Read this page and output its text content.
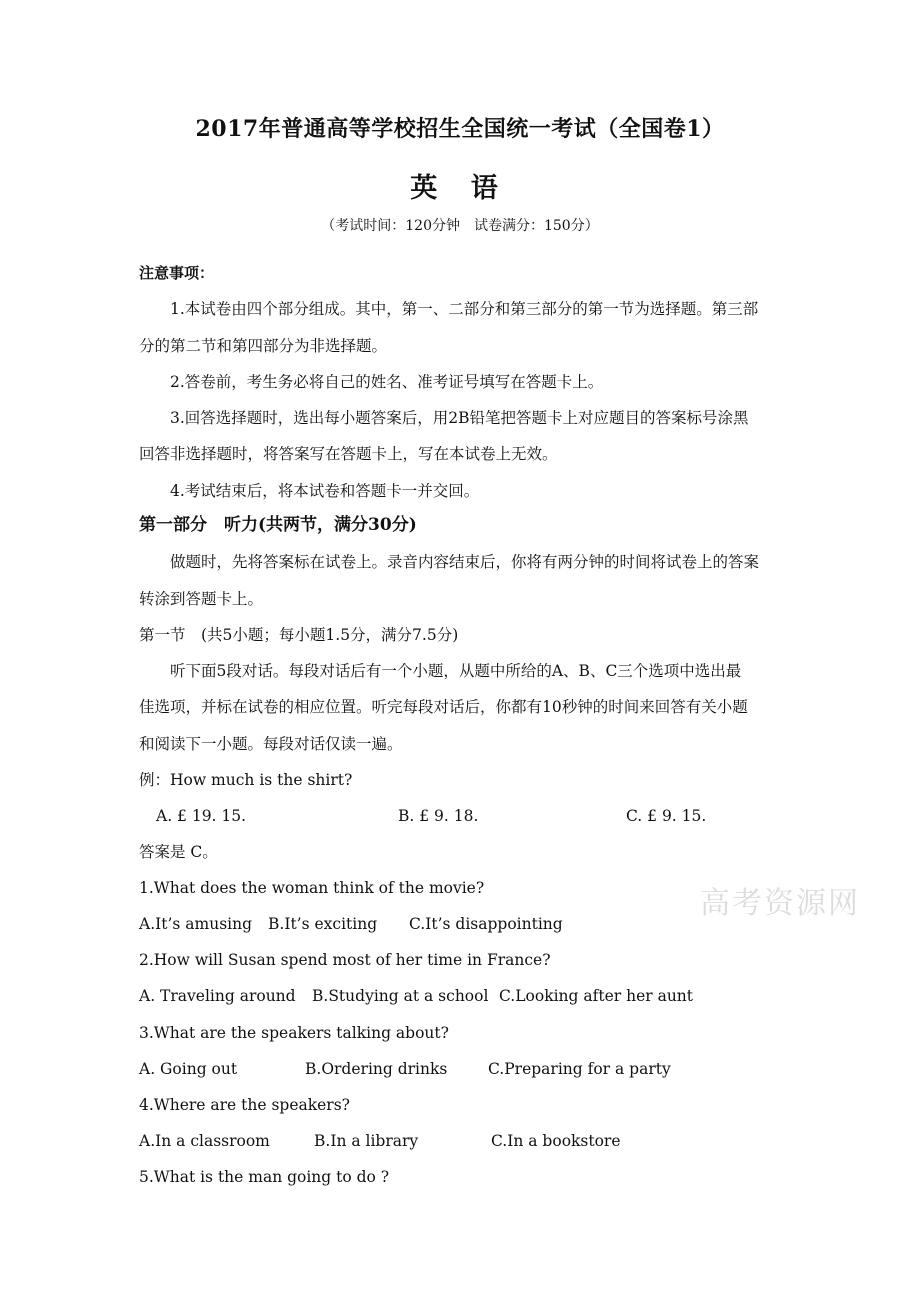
2017年普通高等学校招生全国统一考试（全国卷1）
英 语
（考试时间：120分钟　试卷满分：150分）
注意事项：
1.本试卷由四个部分组成。其中，第一、二部分和第三部分的第一节为选择题。第三部
分的第二节和第四部分为非选择题。
2.答卷前，考生务必将自己的姓名、准考证号填写在答题卡上。
3.回答选择题时，选出每小题答案后，用2B铅笔把答题卡上对应题目的答案标号涂黑
回答非选择题时，将答案写在答题卡上，写在本试卷上无效。
4.考试结束后，将本试卷和答题卡一并交回。
第一部分　听力(共两节，满分30分)
做题时，先将答案标在试卷上。录音内容结束后，你将有两分钟的时间将试卷上的答案
转涂到答题卡上。
第一节　(共5小题；每小题1.5分，满分7.5分)
听下面5段对话。每段对话后有一个小题，从题中所给的A、B、C三个选项中选出最
佳选项，并标在试卷的相应位置。听完每段对话后，你都有10秒钟的时间来回答有关小题
和阅读下一小题。每段对话仅读一遍。
例：How much is the shirt?
A. £ 19. 15.	B. £ 9. 18.	C. £ 9. 15.
答案是 C。
1.What does the woman think of the movie?
A.It’s amusing B.It’s exciting C.It’s disappointing
2.How will Susan spend most of her time in France?
A. Traveling around B.Studying at a school C.Looking after her aunt
3.What are the speakers talking about?
A. Going out	B.Ordering drinks	C.Preparing for a party
4.Where are the speakers?
A.In a classroom	B.In a library	C.In a bookstore
5.What is the man going to do ?
高考资源网
